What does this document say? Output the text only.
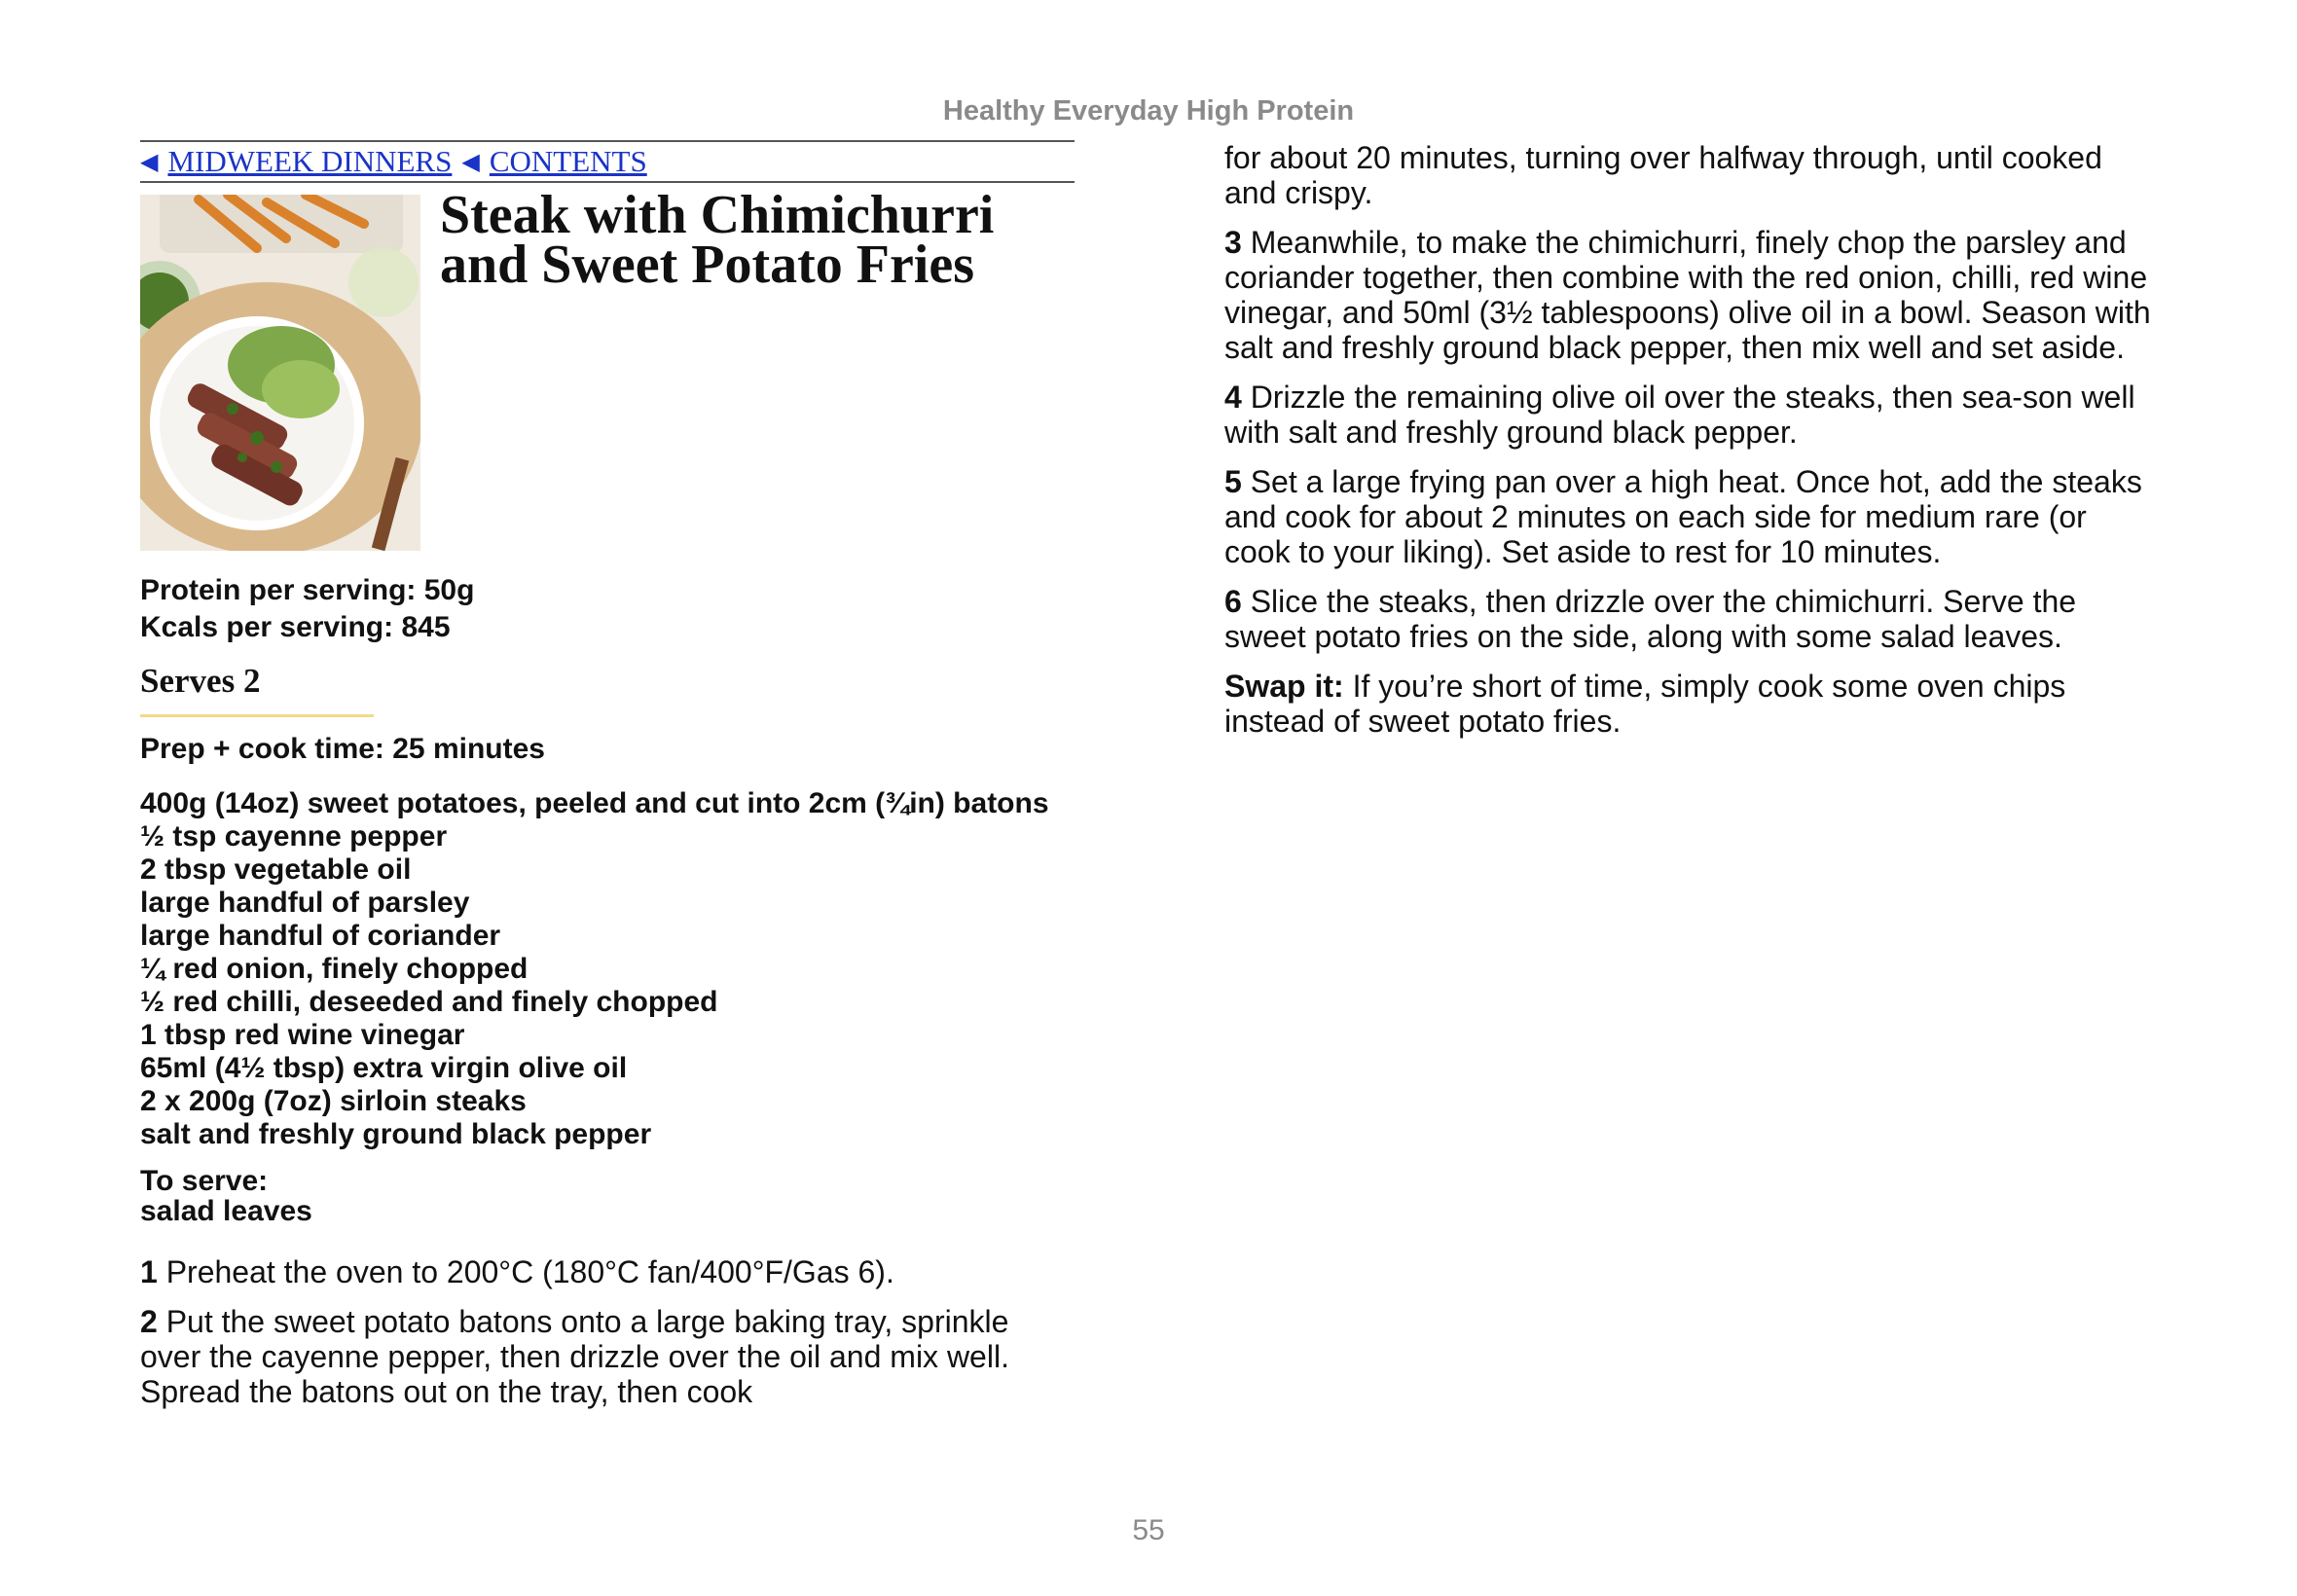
Healthy Everyday High Protein
◀ MIDWEEK DINNERS ◀ CONTENTS
Steak with Chimichurri
and Sweet Potato Fries
Protein per serving: 50g
Kcals per serving: 845
Serves 2
Prep + cook time: 25 minutes
400g (14oz) sweet potatoes, peeled and cut into 2cm (¾in) batons
½ tsp cayenne pepper
2 tbsp vegetable oil
large handful of parsley
large handful of coriander
¼ red onion, finely chopped
½ red chilli, deseeded and finely chopped
1 tbsp red wine vinegar
65ml (4½ tbsp) extra virgin olive oil
2 x 200g (7oz) sirloin steaks
salt and freshly ground black pepper
To serve:
salad leaves

1 Preheat the oven to 200°C (180°C fan/400°F/Gas 6).

2 Put the sweet potato batons onto a large baking tray, sprinkle over the cayenne pepper, then drizzle over the oil and mix well. Spread the batons out on the tray, then cook

for about 20 minutes, turning over halfway through, until cooked and crispy.

3 Meanwhile, to make the chimichurri, finely chop the parsley and coriander together, then combine with the red onion, chilli, red wine vinegar, and 50ml (3½ tablespoons) olive oil in a bowl. Season with salt and freshly ground black pepper, then mix well and set aside.

4 Drizzle the remaining olive oil over the steaks, then sea-son well with salt and freshly ground black pepper.

5 Set a large frying pan over a high heat. Once hot, add the steaks and cook for about 2 minutes on each side for medium rare (or cook to your liking). Set aside to rest for 10 minutes.

6 Slice the steaks, then drizzle over the chimichurri. Serve the sweet potato fries on the side, along with some salad leaves.

Swap it: If you’re short of time, simply cook some oven chips instead of sweet potato fries.

55
